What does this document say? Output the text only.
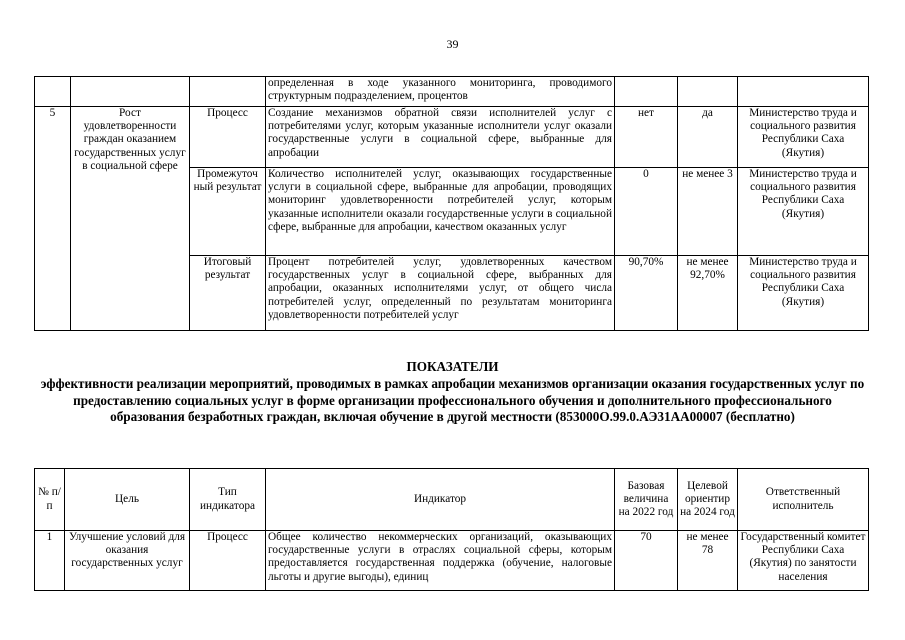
39
			определенная в ходе указанного мониторинга, проводимого структурным подразделением, процентов			
5	Рост удовлетворенности граждан оказанием государственных услуг в социальной сфере	Процесс	Создание механизмов обратной связи исполнителей услуг с потребителями услуг, которым указанные исполнители услуг оказали государственные услуги в социальной сфере, выбранные для апробации	нет	да	Министерство труда и социального развития Республики Саха (Якутия)
		Промежуточ ный результат	Количество исполнителей услуг, оказывающих государственные услуги в социальной сфере, выбранные для апробации, проводящих мониторинг удовлетворенности потребителей услуг, которым указанные исполнители оказали государственные услуги в социальной сфере, выбранные для апробации, качеством оказанных услуг	0	не менее 3	Министерство труда и социального развития Республики Саха (Якутия)
		Итоговый результат	Процент потребителей услуг, удовлетворенных качеством государственных услуг в социальной сфере, выбранных для апробации, оказанных исполнителями услуг, от общего числа потребителей услуг, определенный по результатам мониторинга удовлетворенности потребителей услуг	90,70%	не менее 92,70%	Министерство труда и социального развития Республики Саха (Якутия)
ПОКАЗАТЕЛИ
эффективности реализации мероприятий, проводимых в рамках апробации механизмов организации оказания государственных услуг по предоставлению социальных услуг в форме организации профессионального обучения и дополнительного профессионального образования безработных граждан, включая обучение в другой местности (853000О.99.0.АЭ31АА00007 (бесплатно)
№ п/п	Цель	Тип индикатора	Индикатор	Базовая величина на 2022 год	Целевой ориентир на 2024 год	Ответственный исполнитель
1	Улучшение условий для оказания государственных услуг	Процесс	Общее количество некоммерческих организаций, оказывающих государственные услуги в отраслях социальной сферы, которым предоставляется государственная поддержка (обучение, налоговые льготы и другие выгоды), единиц	70	не менее 78	Государственный комитет Республики Саха (Якутия) по занятости населения
